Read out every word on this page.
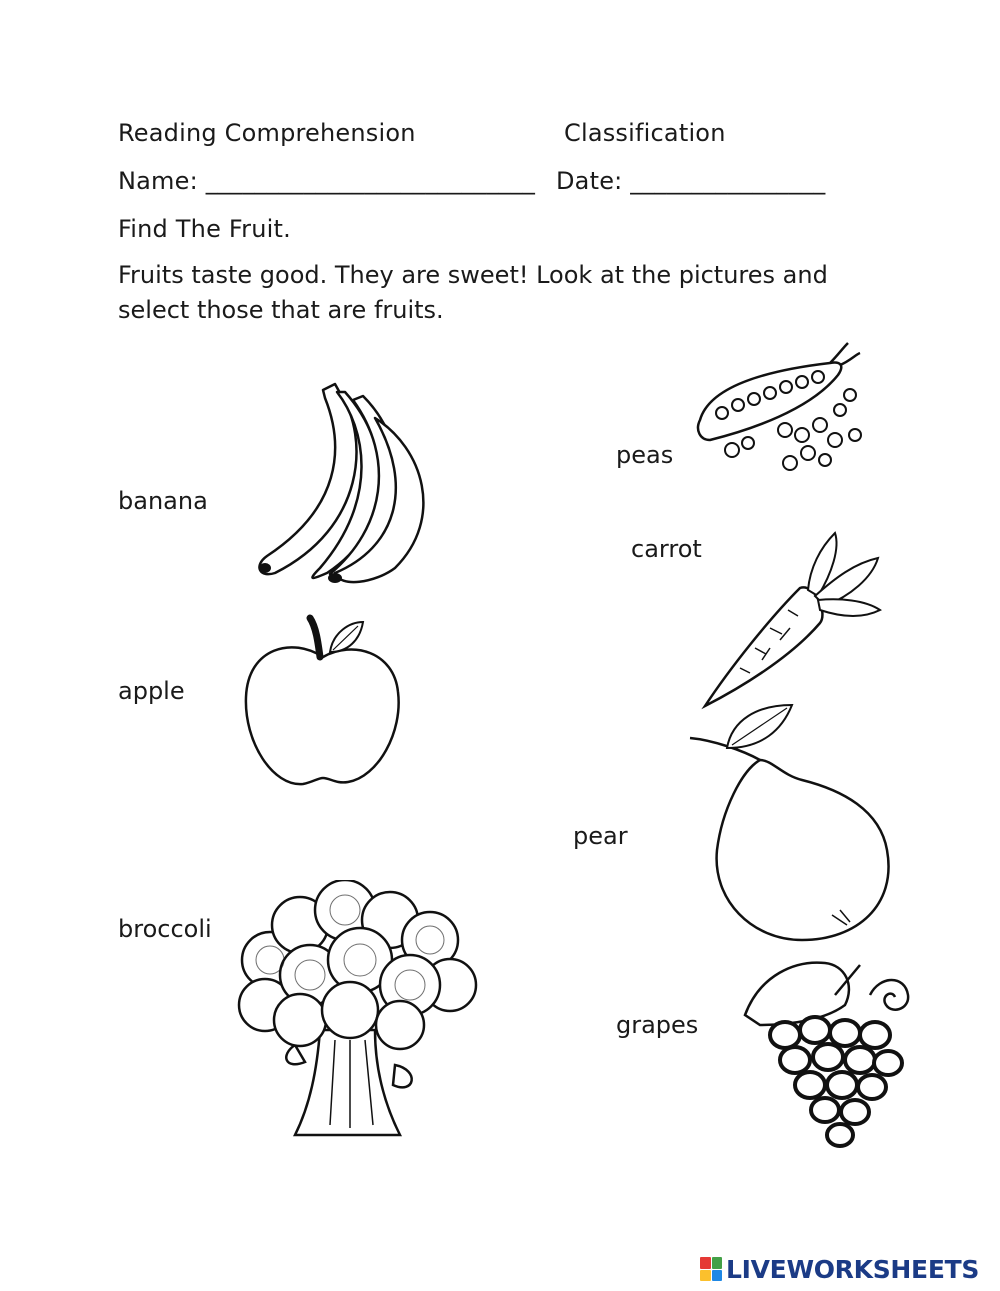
Reading Comprehension	Classification
Name: ___________________________ Date: ________________
Find The Fruit.
Fruits taste good. They are sweet! Look at the pictures and select those that are fruits.
banana
apple
broccoli
peas
carrot
pear
grapes
LIVEWORKSHEETS
